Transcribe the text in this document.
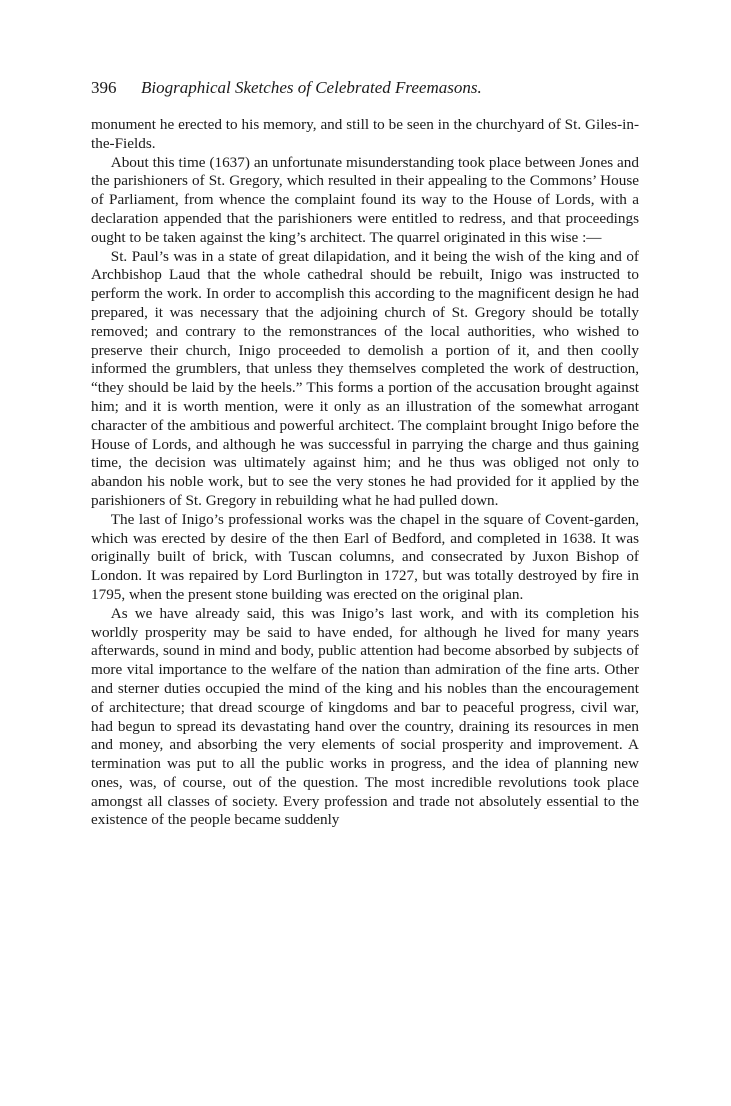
396 Biographical Sketches of Celebrated Freemasons.

monument he erected to his memory, and still to be seen in the churchyard of St. Giles-in-the-Fields.

About this time (1637) an unfortunate misunderstanding took place between Jones and the parishioners of St. Gregory, which resulted in their appealing to the Commons’ House of Parliament, from whence the complaint found its way to the House of Lords, with a declaration appended that the parishioners were entitled to redress, and that proceedings ought to be taken against the king’s architect. The quarrel originated in this wise :—

St. Paul’s was in a state of great dilapidation, and it being the wish of the king and of Archbishop Laud that the whole cathedral should be rebuilt, Inigo was instructed to perform the work. In order to accomplish this according to the magnificent design he had prepared, it was necessary that the adjoining church of St. Gregory should be totally removed; and contrary to the remonstrances of the local authorities, who wished to preserve their church, Inigo proceeded to demolish a portion of it, and then coolly informed the grumblers, that unless they themselves completed the work of destruction, “they should be laid by the heels.” This forms a portion of the accusation brought against him; and it is worth mention, were it only as an illustration of the somewhat arrogant character of the ambitious and powerful architect. The complaint brought Inigo before the House of Lords, and although he was successful in parrying the charge and thus gaining time, the decision was ultimately against him; and he thus was obliged not only to abandon his noble work, but to see the very stones he had provided for it applied by the parishioners of St. Gregory in rebuilding what he had pulled down.

The last of Inigo’s professional works was the chapel in the square of Covent-garden, which was erected by desire of the then Earl of Bedford, and completed in 1638. It was originally built of brick, with Tuscan columns, and consecrated by Juxon Bishop of London. It was repaired by Lord Burlington in 1727, but was totally destroyed by fire in 1795, when the present stone building was erected on the original plan.

As we have already said, this was Inigo’s last work, and with its completion his worldly prosperity may be said to have ended, for although he lived for many years afterwards, sound in mind and body, public attention had become absorbed by subjects of more vital importance to the welfare of the nation than admiration of the fine arts. Other and sterner duties occupied the mind of the king and his nobles than the encouragement of architecture; that dread scourge of kingdoms and bar to peaceful progress, civil war, had begun to spread its devastating hand over the country, draining its resources in men and money, and absorbing the very elements of social prosperity and improvement. A termination was put to all the public works in progress, and the idea of planning new ones, was, of course, out of the question. The most incredible revolutions took place amongst all classes of society. Every profession and trade not absolutely essential to the existence of the people became suddenly
